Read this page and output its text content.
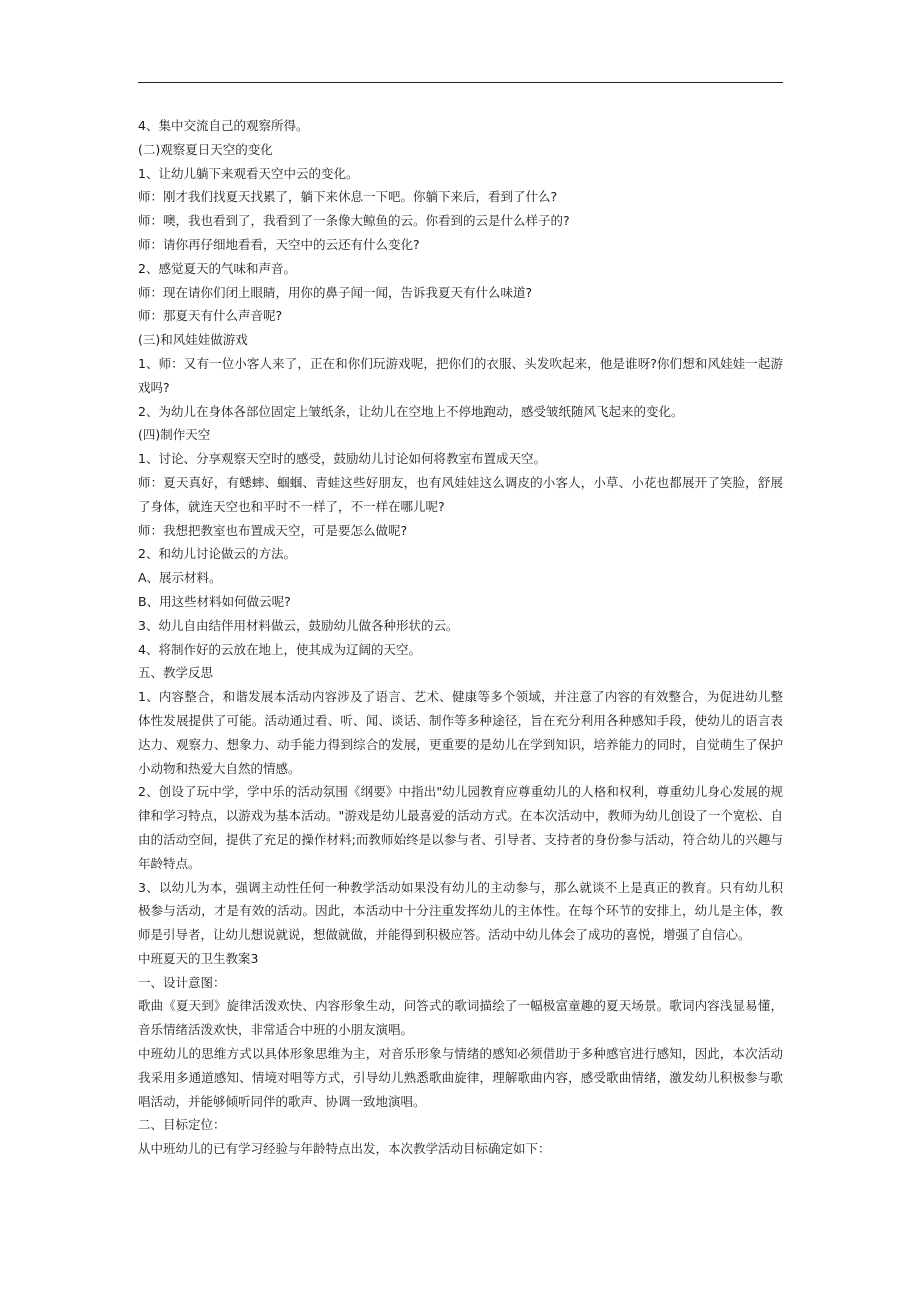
4、集中交流自己的观察所得。

(二)观察夏日天空的变化

1、让幼儿躺下来观看天空中云的变化。

师：刚才我们找夏天找累了，躺下来休息一下吧。你躺下来后，看到了什么?

师：噢，我也看到了，我看到了一条像大鲸鱼的云。你看到的云是什么样子的?

师：请你再仔细地看看，天空中的云还有什么变化?

2、感觉夏天的气味和声音。

师：现在请你们闭上眼睛，用你的鼻子闻一闻，告诉我夏天有什么味道?

师：那夏天有什么声音呢?

(三)和风娃娃做游戏

1、师：又有一位小客人来了，正在和你们玩游戏呢，把你们的衣服、头发吹起来，他是谁呀?你们想和风娃娃一起游戏吗?

2、为幼儿在身体各部位固定上皱纸条，让幼儿在空地上不停地跑动，感受皱纸随风飞起来的变化。

(四)制作天空

1、讨论、分享观察天空时的感受，鼓励幼儿讨论如何将教室布置成天空。

师：夏天真好，有蟋蟀、蝈蝈、青蛙这些好朋友，也有风娃娃这么调皮的小客人，小草、小花也都展开了笑脸，舒展了身体，就连天空也和平时不一样了，不一样在哪儿呢?

师：我想把教室也布置成天空，可是要怎么做呢?

2、和幼儿讨论做云的方法。

A、展示材料。

B、用这些材料如何做云呢?

3、幼儿自由结伴用材料做云，鼓励幼儿做各种形状的云。

4、将制作好的云放在地上，使其成为辽阔的天空。

五、教学反思

1、内容整合，和谐发展本活动内容涉及了语言、艺术、健康等多个领域，并注意了内容的有效整合，为促进幼儿整体性发展提供了可能。活动通过看、听、闻、谈话、制作等多种途径，旨在充分利用各种感知手段，使幼儿的语言表达力、观察力、想象力、动手能力得到综合的发展，更重要的是幼儿在学到知识，培养能力的同时，自觉萌生了保护小动物和热爱大自然的情感。

2、创设了玩中学，学中乐的活动氛围《纲要》中指出"幼儿园教育应尊重幼儿的人格和权利，尊重幼儿身心发展的规律和学习特点，以游戏为基本活动。"游戏是幼儿最喜爱的活动方式。在本次活动中，教师为幼儿创设了一个宽松、自由的活动空间，提供了充足的操作材料;而教师始终是以参与者、引导者、支持者的身份参与活动，符合幼儿的兴趣与年龄特点。

3、以幼儿为本，强调主动性任何一种教学活动如果没有幼儿的主动参与，那么就谈不上是真正的教育。只有幼儿积极参与活动，才是有效的活动。因此，本活动中十分注重发挥幼儿的主体性。在每个环节的安排上，幼儿是主体，教师是引导者，让幼儿想说就说，想做就做，并能得到积极应答。活动中幼儿体会了成功的喜悦，增强了自信心。

中班夏天的卫生教案3

一、设计意图：

歌曲《夏天到》旋律活泼欢快、内容形象生动，问答式的歌词描绘了一幅极富童趣的夏天场景。歌词内容浅显易懂，音乐情绪活泼欢快，非常适合中班的小朋友演唱。

中班幼儿的思维方式以具体形象思维为主，对音乐形象与情绪的感知必须借助于多种感官进行感知，因此，本次活动我采用多通道感知、情境对唱等方式，引导幼儿熟悉歌曲旋律，理解歌曲内容，感受歌曲情绪，激发幼儿积极参与歌唱活动，并能够倾听同伴的歌声、协调一致地演唱。

二、目标定位：

从中班幼儿的已有学习经验与年龄特点出发，本次教学活动目标确定如下：
